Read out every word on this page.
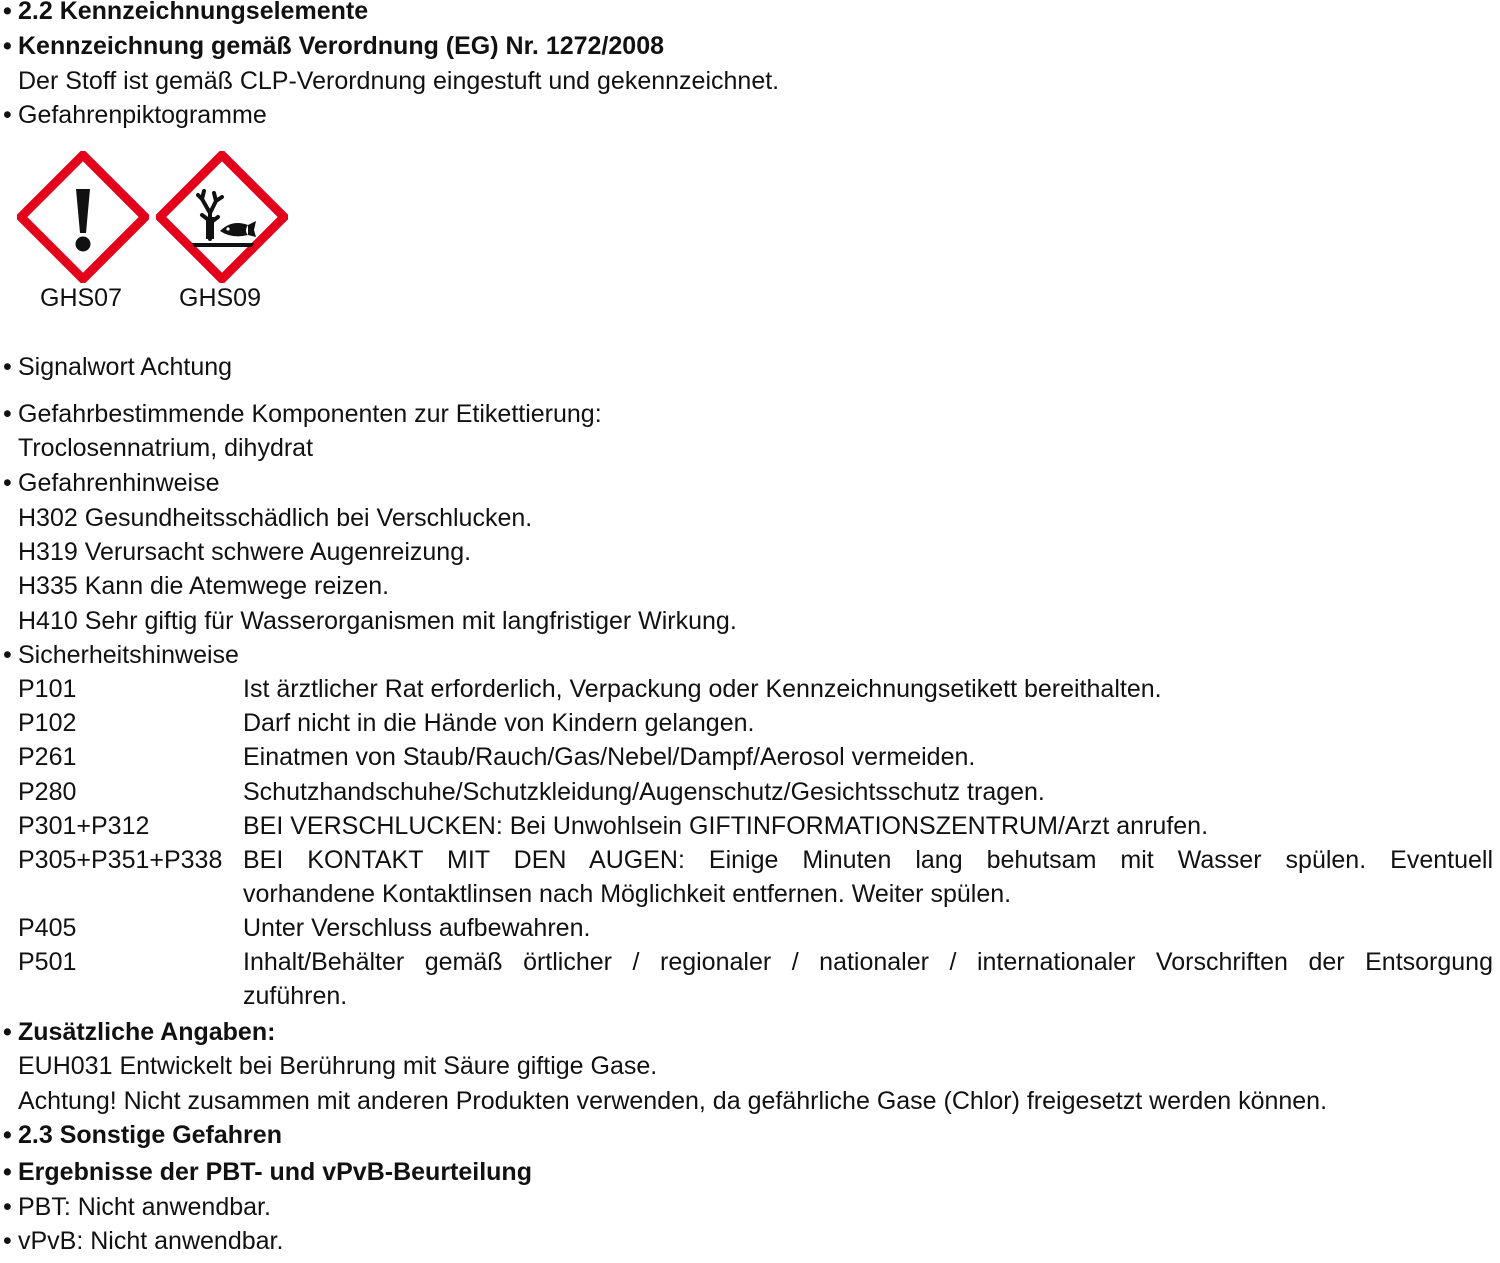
• 2.2 Kennzeichnungselemente
• Kennzeichnung gemäß Verordnung (EG) Nr. 1272/2008
Der Stoff ist gemäß CLP-Verordnung eingestuft und gekennzeichnet.
• Gefahrenpiktogramme
GHS07 GHS09
• Signalwort Achtung
• Gefahrbestimmende Komponenten zur Etikettierung:
Troclosennatrium, dihydrat
• Gefahrenhinweise
H302 Gesundheitsschädlich bei Verschlucken.
H319 Verursacht schwere Augenreizung.
H335 Kann die Atemwege reizen.
H410 Sehr giftig für Wasserorganismen mit langfristiger Wirkung.
• Sicherheitshinweise
P101	Ist ärztlicher Rat erforderlich, Verpackung oder Kennzeichnungsetikett bereithalten.
P102	Darf nicht in die Hände von Kindern gelangen.
P261	Einatmen von Staub/Rauch/Gas/Nebel/Dampf/Aerosol vermeiden.
P280	Schutzhandschuhe/Schutzkleidung/Augenschutz/Gesichtsschutz tragen.
P301+P312	BEI VERSCHLUCKEN: Bei Unwohlsein GIFTINFORMATIONSZENTRUM/Arzt anrufen.
P305+P351+P338 BEI KONTAKT MIT DEN AUGEN: Einige Minuten lang behutsam mit Wasser spülen. Eventuell
vorhandene Kontaktlinsen nach Möglichkeit entfernen. Weiter spülen.
P405	Unter Verschluss aufbewahren.
P501	Inhalt/Behälter gemäß örtlicher / regionaler / nationaler / internationaler Vorschriften der Entsorgung
zuführen.
• Zusätzliche Angaben:
EUH031 Entwickelt bei Berührung mit Säure giftige Gase.
Achtung! Nicht zusammen mit anderen Produkten verwenden, da gefährliche Gase (Chlor) freigesetzt werden können.
• 2.3 Sonstige Gefahren
• Ergebnisse der PBT- und vPvB-Beurteilung
• PBT: Nicht anwendbar.
• vPvB: Nicht anwendbar.
